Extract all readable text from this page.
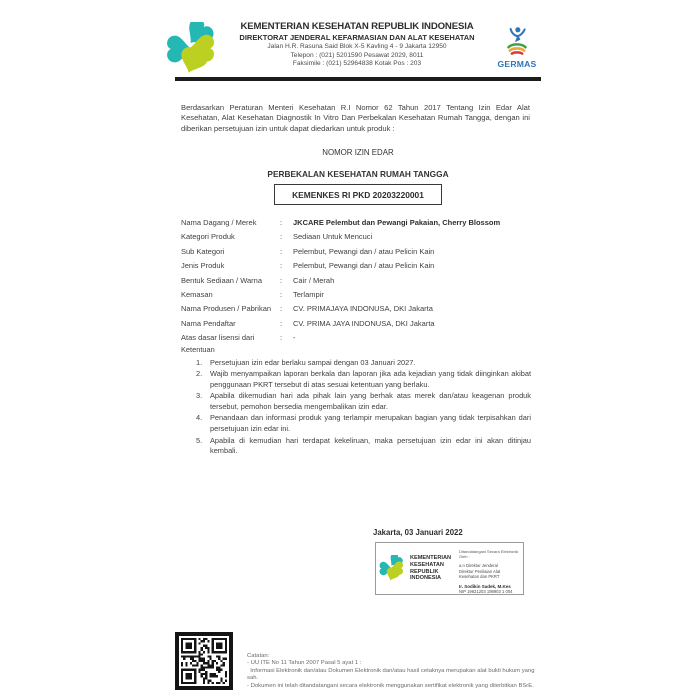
KEMENTERIAN KESEHATAN REPUBLIK INDONESIA
DIREKTORAT JENDERAL KEFARMASIAN DAN ALAT KESEHATAN
Jalan H.R. Rasuna Said Blok X-5 Kavling 4 - 9 Jakarta 12950
Telepon : (021) 5201590 Pesawat 2029, 8011
Faksimile : (021) 52964838 Kotak Pos : 203	GERMAS

Berdasarkan Peraturan Menteri Kesehatan R.I Nomor 62 Tahun 2017 Tentang Izin Edar Alat Kesehatan, Alat Kesehatan Diagnostik In Vitro Dan Perbekalan Kesehatan Rumah Tangga, dengan ini diberikan persetujuan izin untuk dapat diedarkan untuk produk :

NOMOR IZIN EDAR
PERBEKALAN KESEHATAN RUMAH TANGGA
KEMENKES RI PKD 20203220001
Nama Dagang / Merek :	JKCARE Pelembut dan Pewangi Pakaian, Cherry Blossom
Kategori Produk :	Sediaan Untuk Mencuci
Sub Kategori :	Pelembut, Pewangi dan / atau Pelicin Kain
Jenis Produk :	Pelembut, Pewangi dan / atau Pelicin Kain
Bentuk Sediaan / Warna :	Cair / Merah
Kemasan :	Terlampir
Nama Produsen / Pabrikan :	CV. PRIMAJAYA INDONUSA, DKI Jakarta
Nama Pendaftar :	CV. PRIMA JAYA INDONUSA, DKI Jakarta
Atas dasar lisensi dari :	-
Ketentuan
1.	Persetujuan izin edar berlaku sampai dengan 03 Januari 2027.
2.	Wajib menyampaikan laporan berkala dan laporan jika ada kejadian yang tidak diinginkan akibat penggunaan PKRT tersebut di atas sesuai ketentuan yang berlaku.
3.	Apabila dikemudian hari ada pihak lain yang berhak atas merek dan/atau keagenan produk tersebut, pemohon bersedia mengembalikan izin edar.
4.	Penandaan dan informasi produk yang terlampir merupakan bagian yang tidak terpisahkan dari persetujuan izin edar ini.
5.	Apabila di kemudian hari terdapat kekeliruan, maka persetujuan izin edar ini akan ditinjau kembali.
Jakarta, 03 Januari 2022
KEMENTERIAN KESEHATAN REPUBLIK INDONESIA
Ditandatangani Secara Elektronik Oleh :
a.n Direktur Jenderal
Direktur Penilaian Alat Kesehatan dan PKRT
Ir. Sodikin Sadek, M.Kes
NIP 19621203 198903 1 004
Catatan:
- UU ITE No 11 Tahun 2007 Pasal 5 ayat 1 :
Informasi Elektronik dan/atau Dokumen Elektronik dan/atau hasil cetaknya merupakan alat bukti hukum yang sah.
- Dokumen ini telah ditandatangani secara elektronik menggunakan sertifikat elektronik yang diterbitkan BSrE.
